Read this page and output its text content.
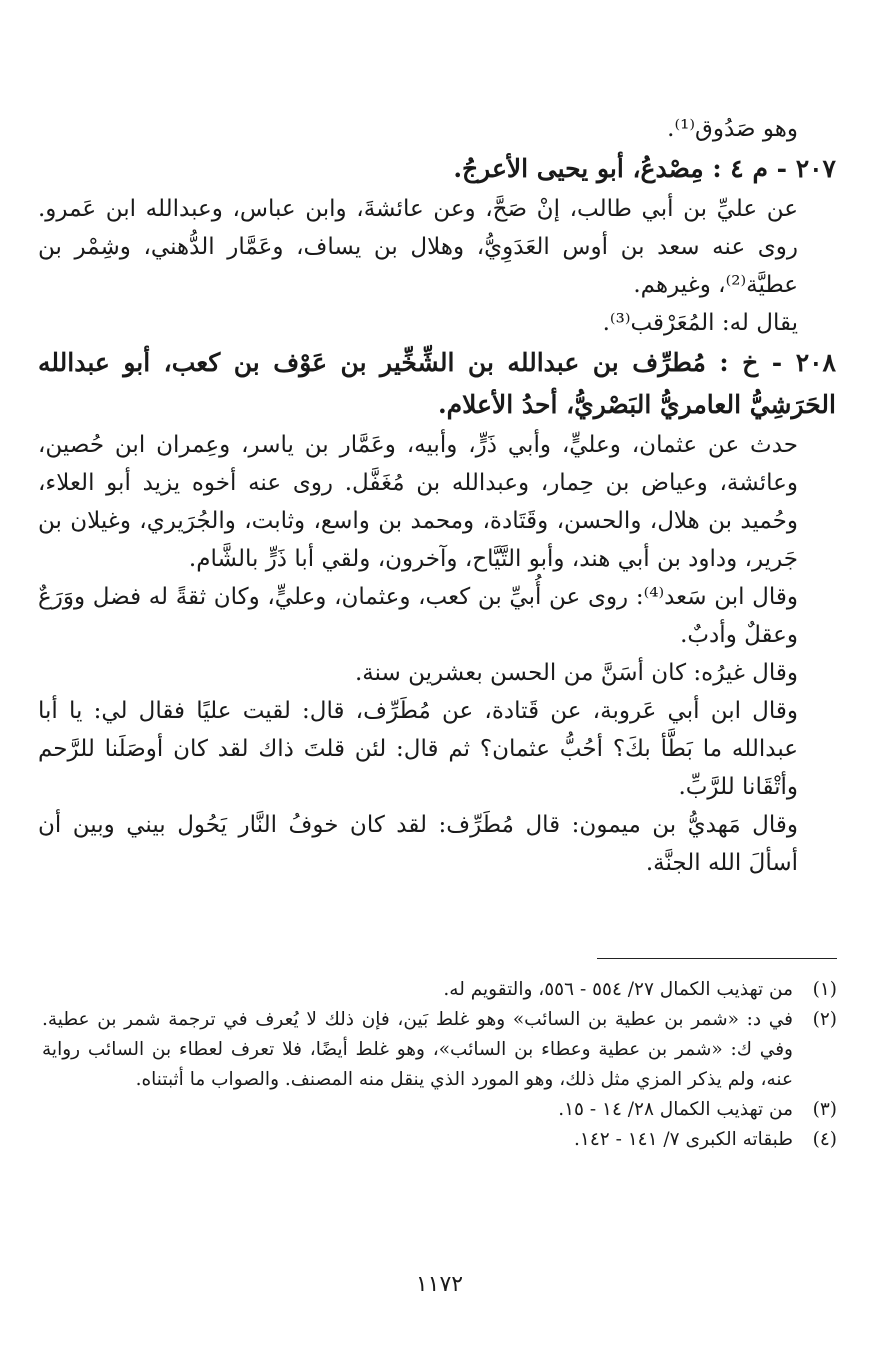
وهو صَدُوق⁽¹⁾.

٢٠٧ - م ٤ : مِصْدعُ، أبو يحيى الأعرجُ.

عن عليِّ بن أبي طالب، إنْ صَحَّ، وعن عائشةَ، وابن عباس، وعبدالله ابن عَمرو. روى عنه سعد بن أوس العَدَوِيُّ، وهلال بن يساف، وعَمَّار الدُّهني، وشِمْر بن عطيَّة⁽²⁾، وغيرهم.

يقال له: المُعَرْقب⁽³⁾.

٢٠٨ - خ : مُطرِّف بن عبدالله بن الشِّخِّير بن عَوْف بن كعب، أبو عبدالله الحَرَشِيُّ العامريُّ البَصْريُّ، أحدُ الأعلام.

حدث عن عثمان، وعليٍّ، وأبي ذَرٍّ، وأبيه، وعَمَّار بن ياسر، وعِمران ابن حُصين، وعائشة، وعياض بن حِمار، وعبدالله بن مُغَفَّل. روى عنه أخوه يزيد أبو العلاء، وحُميد بن هلال، والحسن، وقَتَادة، ومحمد بن واسع، وثابت، والجُرَيري، وغيلان بن جَرير، وداود بن أبي هند، وأبو التَّيَّاح، وآخرون، ولقي أبا ذَرٍّ بالشَّام.

وقال ابن سَعد⁽⁴⁾: روى عن أُبيِّ بن كعب، وعثمان، وعليٍّ، وكان ثقةً له فضل ووَرَعٌ وعقلٌ وأدبٌ.

وقال غيرُه: كان أسَنَّ من الحسن بعشرين سنة.

وقال ابن أبي عَروبة، عن قَتادة، عن مُطَرِّف، قال: لقيت عليًا فقال لي: يا أبا عبدالله ما بَطَّأ بكَ؟ أحُبُّ عثمان؟ ثم قال: لئن قلتَ ذاك لقد كان أوصَلَنا للرَّحم وأتْقَانا للرَّبِّ.

وقال مَهديُّ بن ميمون: قال مُطَرِّف: لقد كان خوفُ النَّار يَحُول بيني وبين أن أسألَ الله الجنَّة.

(١)
من تهذيب الكمال ٢٧/ ٥٥٤ - ٥٥٦، والتقويم له.
(٢)
في د: «شمر بن عطية بن السائب» وهو غلط بَين، فإن ذلك لا يُعرف في ترجمة شمر بن عطية. وفي ك: «شمر بن عطية وعطاء بن السائب»، وهو غلط أيضًا، فلا تعرف لعطاء بن السائب رواية عنه، ولم يذكر المزي مثل ذلك، وهو المورد الذي ينقل منه المصنف. والصواب ما أثبتناه.
(٣)
من تهذيب الكمال ٢٨/ ١٤ - ١٥.
(٤)
طبقاته الكبرى ٧/ ١٤١ - ١٤٢.
١١٧٢
